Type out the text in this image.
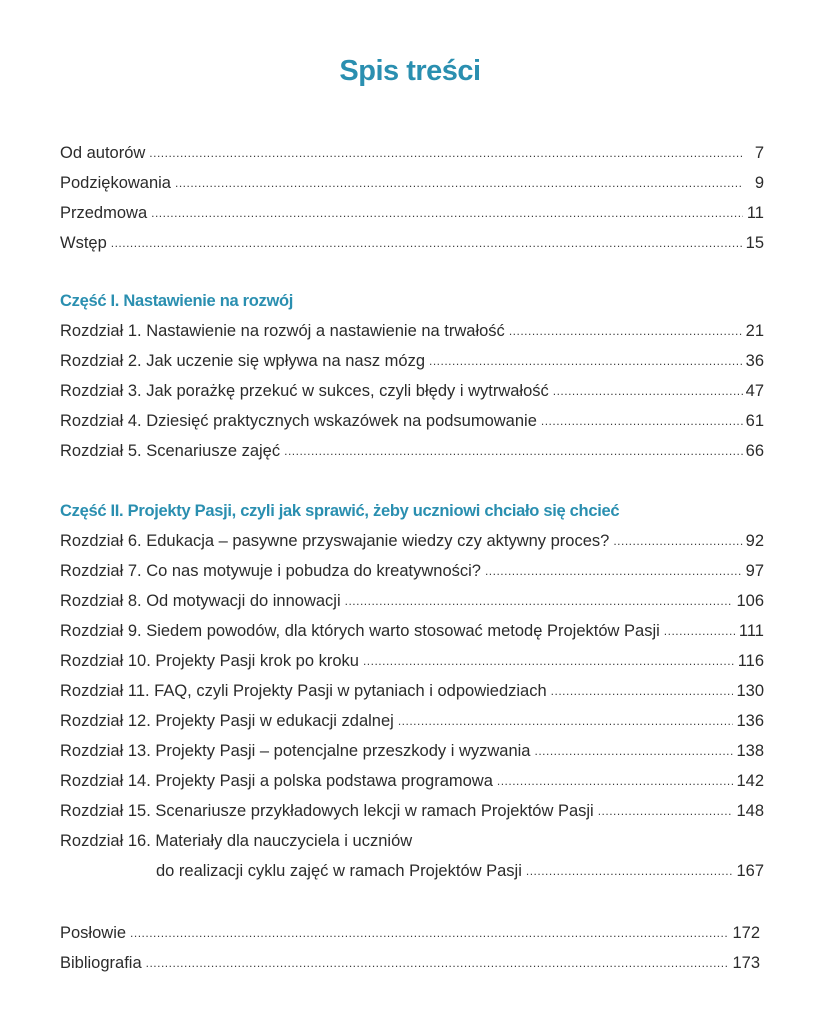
Spis treści
Od autorów .....	7
Podziękowania .....	9
Przedmowa .....	11
Wstęp .....	15
Część I. Nastawienie na rozwój
Rozdział 1. Nastawienie na rozwój a nastawienie na trwałość .....	21
Rozdział 2. Jak uczenie się wpływa na nasz mózg .....	36
Rozdział 3. Jak porażkę przekuć w sukces, czyli błędy i wytrwałość .....	47
Rozdział 4. Dziesięć praktycznych wskazówek na podsumowanie .....	61
Rozdział 5. Scenariusze zajęć .....	66
Część II. Projekty Pasji, czyli jak sprawić, żeby uczniowi chciało się chcieć
Rozdział 6. Edukacja – pasywne przyswajanie wiedzy czy aktywny proces? .....	92
Rozdział 7. Co nas motywuje i pobudza do kreatywności? .....	97
Rozdział 8. Od motywacji do innowacji .....	106
Rozdział 9. Siedem powodów, dla których warto stosować metodę Projektów Pasji .....	111
Rozdział 10. Projekty Pasji krok po kroku .....	116
Rozdział 11. FAQ, czyli Projekty Pasji w pytaniach i odpowiedziach .....	130
Rozdział 12. Projekty Pasji w edukacji zdalnej .....	136
Rozdział 13. Projekty Pasji – potencjalne przeszkody i wyzwania .....	138
Rozdział 14. Projekty Pasji a polska podstawa programowa .....	142
Rozdział 15. Scenariusze przykładowych lekcji w ramach Projektów Pasji .....	148
Rozdział 16. Materiały dla nauczyciela i uczniów
do realizacji cyklu zajęć w ramach Projektów Pasji .....	167
Posłowie .....	172
Bibliografia .....	173
